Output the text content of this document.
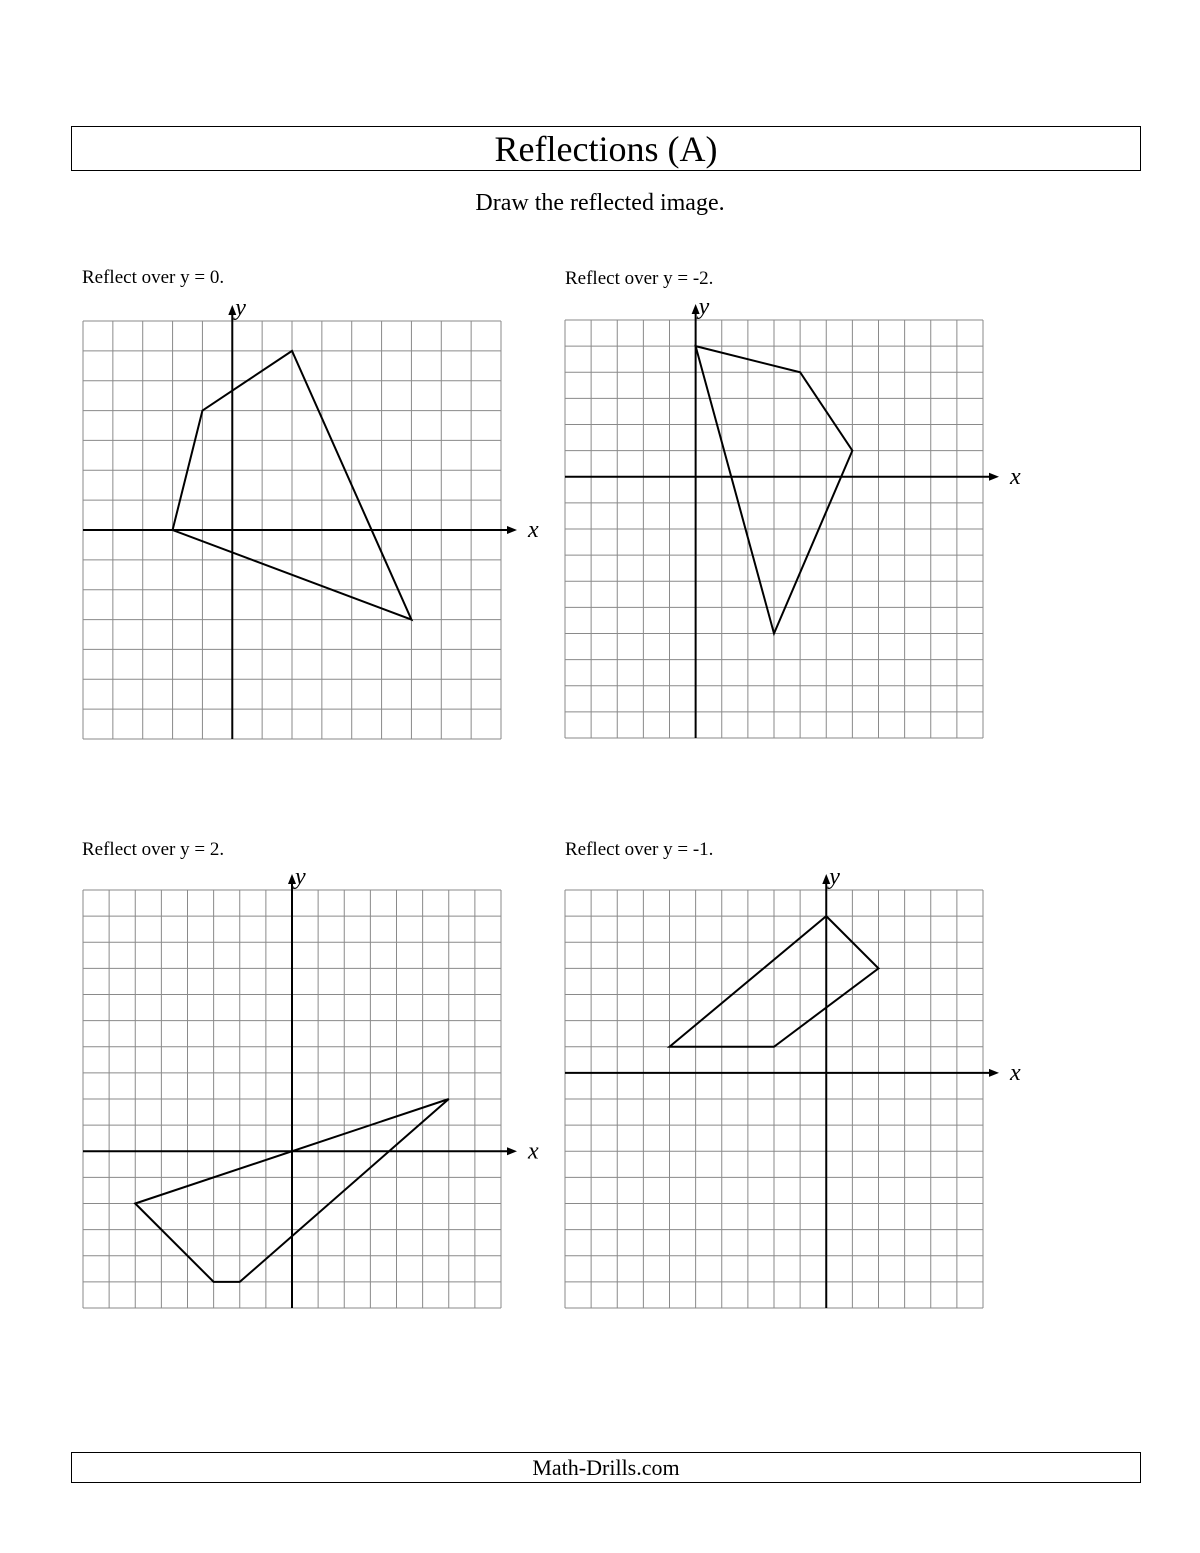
Reflections (A)
Draw the reflected image.
Reflect over y = 0.
x
y
Reflect over y = -2.
x
y
Reflect over y = 2.
x
y
Reflect over y = -1.
x
y
Math-Drills.com
